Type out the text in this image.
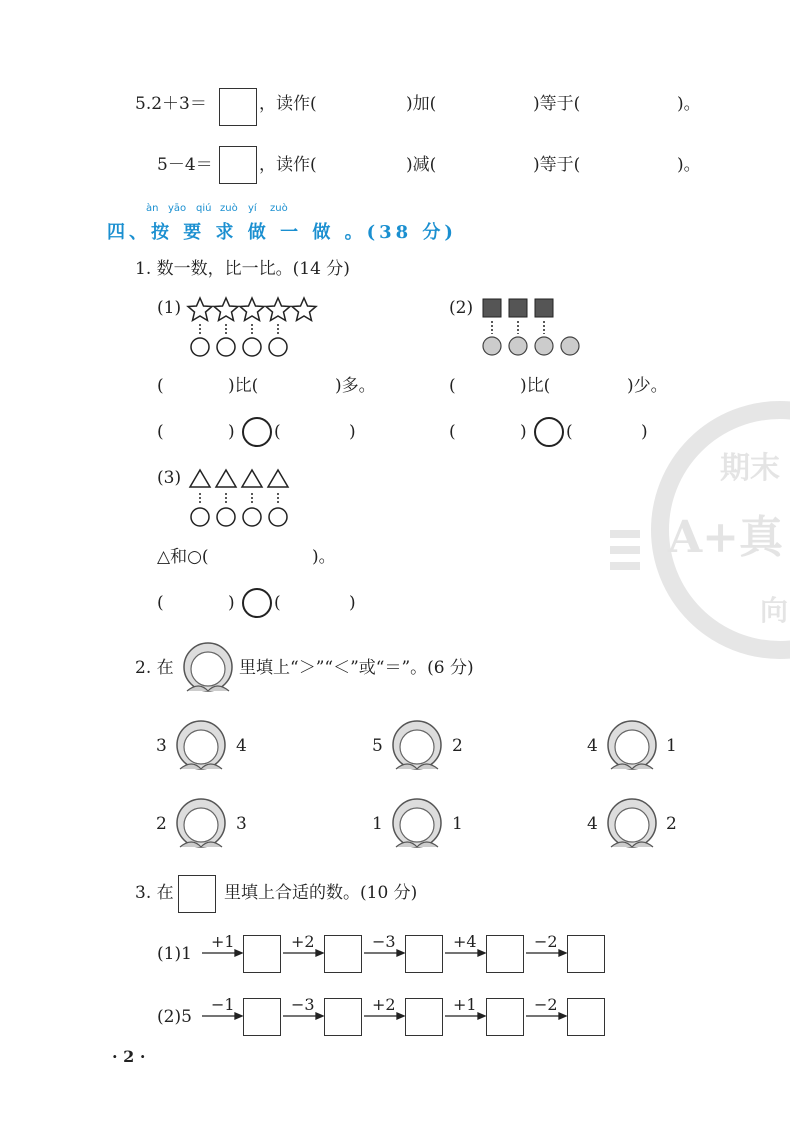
期末
A+真
向
5.2＋3＝	，读作(	)加(	)等于(	)。
5－4＝	，读作(	)减(	)等于(	)。
àn yāo qiú zuò yí zuò
四、按 要 求 做 一 做 。(38 分)
1. 数一数，比一比。(14 分)
(1)	(2)
(	)比(	)多。	(	)比(	)少。
(	) (	)	(	) (	)
(3)
△和○(	)。
(	) (	)
2. 在	里填上“＞”“＜”或“＝”。(6 分)
3	4	5	2	4	1
2	3	1	1	4	2
3. 在	里填上合适的数。(10 分)
(1)1
+1	+2	−3	+4	−2
(2)5
−1	−3	+2	+1	−2
· 2 ·
